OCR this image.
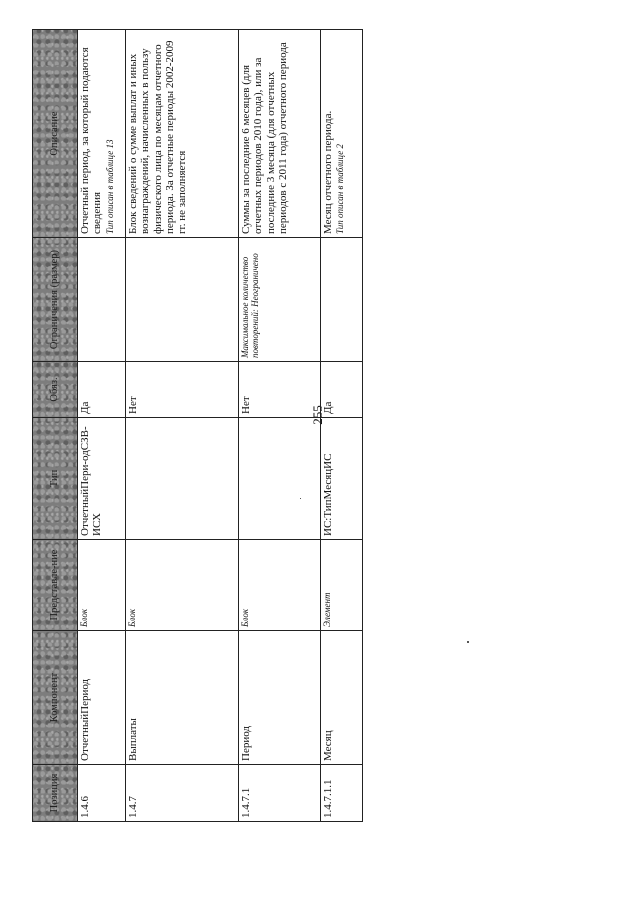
255
Позиция	Компонент	Представле-ние	Тип	Обяз.	Ограничения (размер)	Описание
1.4.6	ОтчетныйПериод	Блок	ОтчетныйПери-одСЗВ-ИСХ	Да		Отчетный период, за который подаются сведения
Тип описан в таблице 13
1.4.7	Выплаты	Блок		Нет		Блок сведений о сумме выплат и иных вознаграждений, начисленных в пользу физического лица по месяцам отчетного периода. За отчетные периоды 2002-2009 гг. не заполняется
1.4.7.1	Период	Блок		Нет	Максимальное количество повторений: Неограничено	Суммы за последние 6 месяцев (для отчетных периодов 2010 года), или за последние 3 месяца (для отчетных периодов с 2011 года) отчетного периода
1.4.7.1.1	Месяц	Элемент	ИС:ТипМесяцИС	Да		Месяц отчетного периода.
Тип описан в таблице 2
